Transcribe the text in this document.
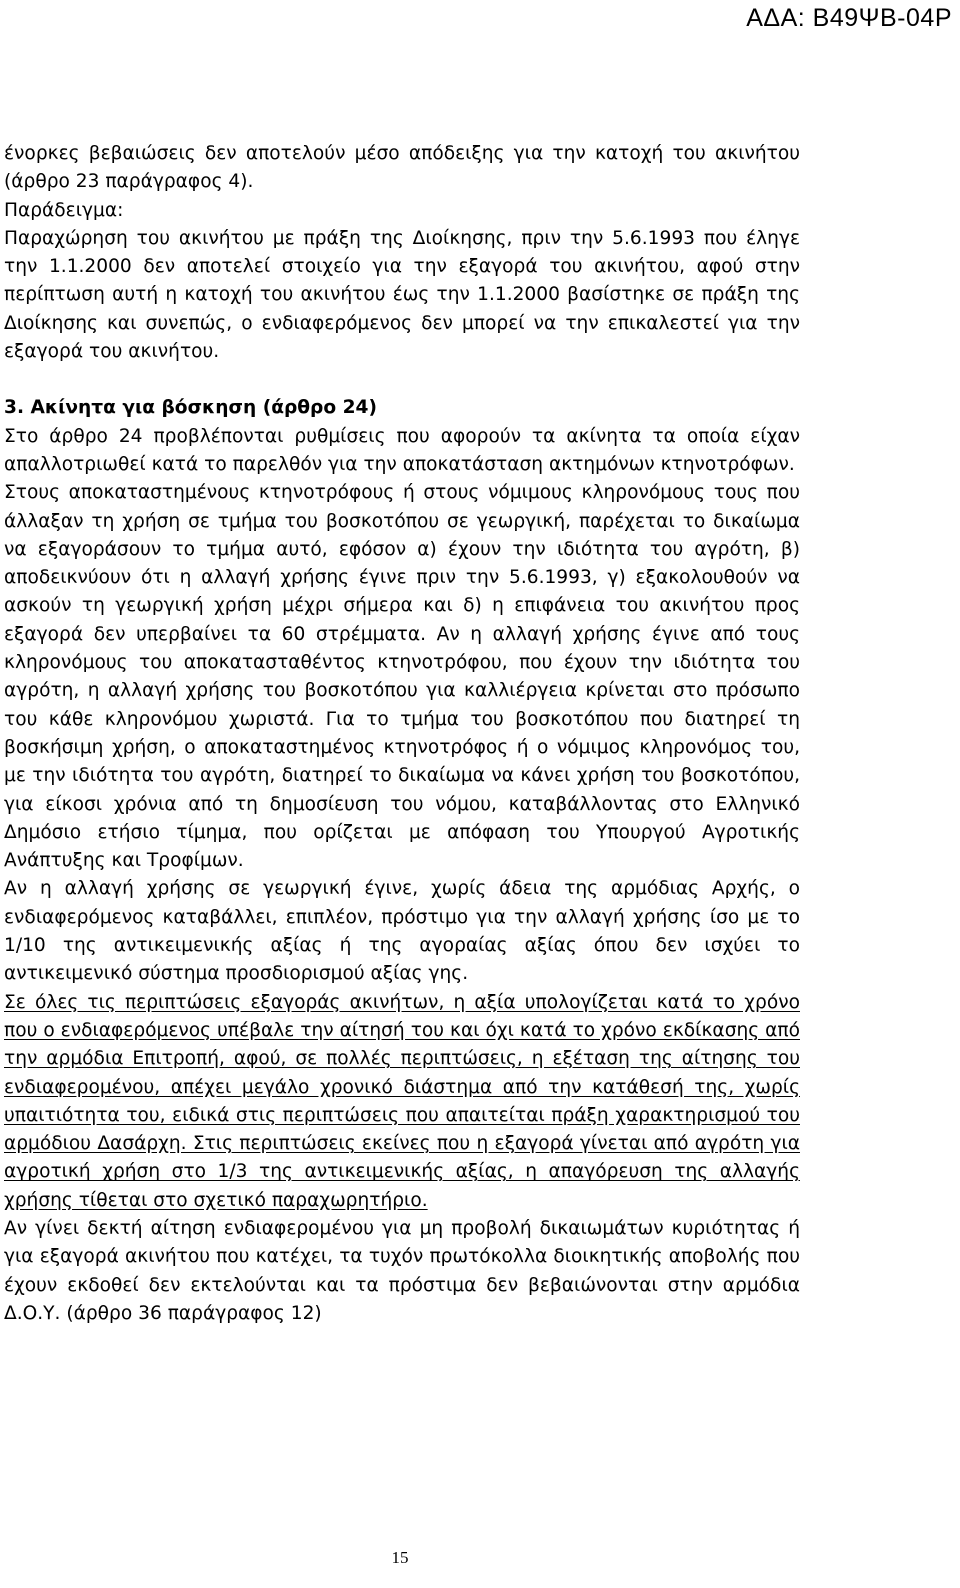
ΑΔΑ: Β49ΨΒ-04Ρ

ένορκες βεβαιώσεις δεν αποτελούν μέσο απόδειξης για την κατοχή του ακινήτου (άρθρο 23 παράγραφος 4).

Παράδειγμα:

Παραχώρηση του ακινήτου με πράξη της Διοίκησης, πριν την 5.6.1993 που έληγε την 1.1.2000 δεν αποτελεί στοιχείο για την εξαγορά του ακινήτου, αφού στην περίπτωση αυτή η κατοχή του ακινήτου έως την 1.1.2000 βασίστηκε σε πράξη της Διοίκησης και συνεπώς, ο ενδιαφερόμενος δεν μπορεί να την επικαλεστεί για την εξαγορά του ακινήτου.

3. Ακίνητα για βόσκηση (άρθρο 24)

Στο άρθρο 24 προβλέπονται ρυθμίσεις που αφορούν τα ακίνητα τα οποία είχαν απαλλοτριωθεί κατά το παρελθόν για την αποκατάσταση ακτημόνων κτηνοτρόφων.

Στους αποκαταστημένους κτηνοτρόφους ή στους νόμιμους κληρονόμους τους που άλλαξαν τη χρήση σε τμήμα του βοσκοτόπου σε γεωργική, παρέχεται το δικαίωμα να εξαγοράσουν το τμήμα αυτό, εφόσον α) έχουν την ιδιότητα του αγρότη, β) αποδεικνύουν ότι η αλλαγή χρήσης έγινε πριν την 5.6.1993, γ) εξακολουθούν να ασκούν τη γεωργική χρήση μέχρι σήμερα και δ) η επιφάνεια του ακινήτου προς εξαγορά δεν υπερβαίνει τα 60 στρέμματα. Αν η αλλαγή χρήσης έγινε από τους κληρονόμους του αποκατασταθέντος κτηνοτρόφου, που έχουν την ιδιότητα του αγρότη, η αλλαγή χρήσης του βοσκοτόπου για καλλιέργεια κρίνεται στο πρόσωπο του κάθε κληρονόμου χωριστά. Για το τμήμα του βοσκοτόπου που διατηρεί τη βοσκήσιμη χρήση, ο αποκαταστημένος κτηνοτρόφος ή ο νόμιμος κληρονόμος του, με την ιδιότητα του αγρότη, διατηρεί το δικαίωμα να κάνει χρήση του βοσκοτόπου, για είκοσι χρόνια από τη δημοσίευση του νόμου, καταβάλλοντας στο Ελληνικό Δημόσιο ετήσιο τίμημα, που ορίζεται με απόφαση του Υπουργού Αγροτικής Ανάπτυξης και Τροφίμων.

Αν η αλλαγή χρήσης σε γεωργική έγινε, χωρίς άδεια της αρμόδιας Αρχής, ο ενδιαφερόμενος καταβάλλει, επιπλέον, πρόστιμο για την αλλαγή χρήσης ίσο με το 1/10 της αντικειμενικής αξίας ή της αγοραίας αξίας όπου δεν ισχύει το αντικειμενικό σύστημα προσδιορισμού αξίας γης.

Σε όλες τις περιπτώσεις εξαγοράς ακινήτων, η αξία υπολογίζεται κατά το χρόνο που ο ενδιαφερόμενος υπέβαλε την αίτησή του και όχι κατά το χρόνο εκδίκασης από την αρμόδια Επιτροπή, αφού, σε πολλές περιπτώσεις, η εξέταση της αίτησης του ενδιαφερομένου, απέχει μεγάλο χρονικό διάστημα από την κατάθεσή της, χωρίς υπαιτιότητα του, ειδικά στις περιπτώσεις που απαιτείται πράξη χαρακτηρισμού του αρμόδιου Δασάρχη. Στις περιπτώσεις εκείνες που η εξαγορά γίνεται από αγρότη για αγροτική χρήση στο 1/3 της αντικειμενικής αξίας, η απαγόρευση της αλλαγής χρήσης τίθεται στο σχετικό παραχωρητήριο.

Αν γίνει δεκτή αίτηση ενδιαφερομένου για μη προβολή δικαιωμάτων κυριότητας ή για εξαγορά ακινήτου που κατέχει, τα τυχόν πρωτόκολλα διοικητικής αποβολής που έχουν εκδοθεί δεν εκτελούνται και τα πρόστιμα δεν βεβαιώνονται στην αρμόδια Δ.Ο.Υ. (άρθρο 36 παράγραφος 12)

15
